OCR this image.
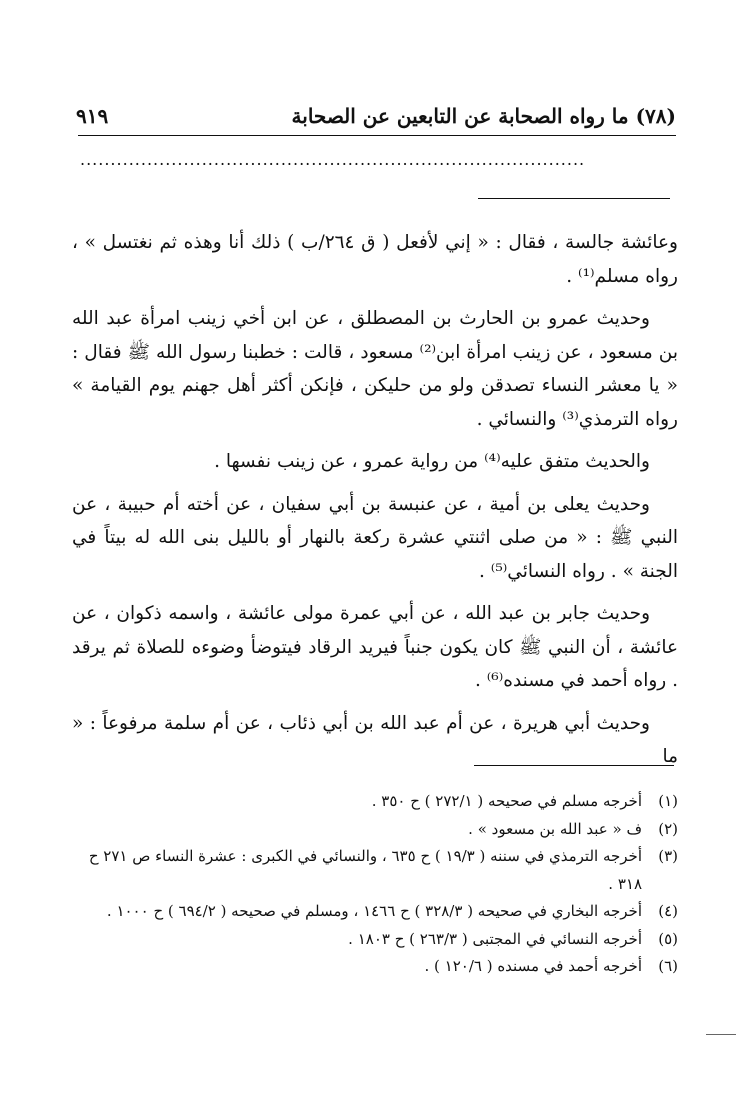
(٧٨) ما رواه الصحابة عن التابعين عن الصحابة
٩١٩
...................................................................................

وعائشة جالسة ، فقال : « إني لأفعل ( ق ٢٦٤/ب ) ذلك أنا وهذه ثم نغتسل » ، رواه مسلم⁽¹⁾ .

وحديث عمرو بن الحارث بن المصطلق ، عن ابن أخي زينب امرأة عبد الله بن مسعود ، عن زينب امرأة ابن⁽²⁾ مسعود ، قالت : خطبنا رسول الله ﷺ فقال : « يا معشر النساء تصدقن ولو من حليكن ، فإنكن أكثر أهل جهنم يوم القيامة » رواه الترمذي⁽³⁾ والنسائي .

والحديث متفق عليه⁽⁴⁾ من رواية عمرو ، عن زينب نفسها .

وحديث يعلى بن أمية ، عن عنبسة بن أبي سفيان ، عن أخته أم حبيبة ، عن النبي ﷺ : « من صلى اثنتي عشرة ركعة بالنهار أو بالليل بنى الله له بيتاً في الجنة » . رواه النسائي⁽⁵⁾ .

وحديث جابر بن عبد الله ، عن أبي عمرة مولى عائشة ، واسمه ذكوان ، عن عائشة ، أن النبي ﷺ كان يكون جنباً فيريد الرقاد فيتوضأ وضوءه للصلاة ثم يرقد . رواه أحمد في مسنده⁽⁶⁾ .

وحديث أبي هريرة ، عن أم عبد الله بن أبي ذئاب ، عن أم سلمة مرفوعاً : « ما

(١)
أخرجه مسلم في صحيحه ( ٢٧٢/١ ) ح ٣٥٠ .
(٢)
ف « عبد الله بن مسعود » .
(٣)
أخرجه الترمذي في سننه ( ١٩/٣ ) ح ٦٣٥ ، والنسائي في الكبرى : عشرة النساء ص ٢٧١ ح ٣١٨ .
(٤)
أخرجه البخاري في صحيحه ( ٣٢٨/٣ ) ح ١٤٦٦ ، ومسلم في صحيحه ( ٦٩٤/٢ ) ح ١٠٠٠ .
(٥)
أخرجه النسائي في المجتبى ( ٢٦٣/٣ ) ح ١٨٠٣ .
(٦)
أخرجه أحمد في مسنده ( ١٢٠/٦ ) .
